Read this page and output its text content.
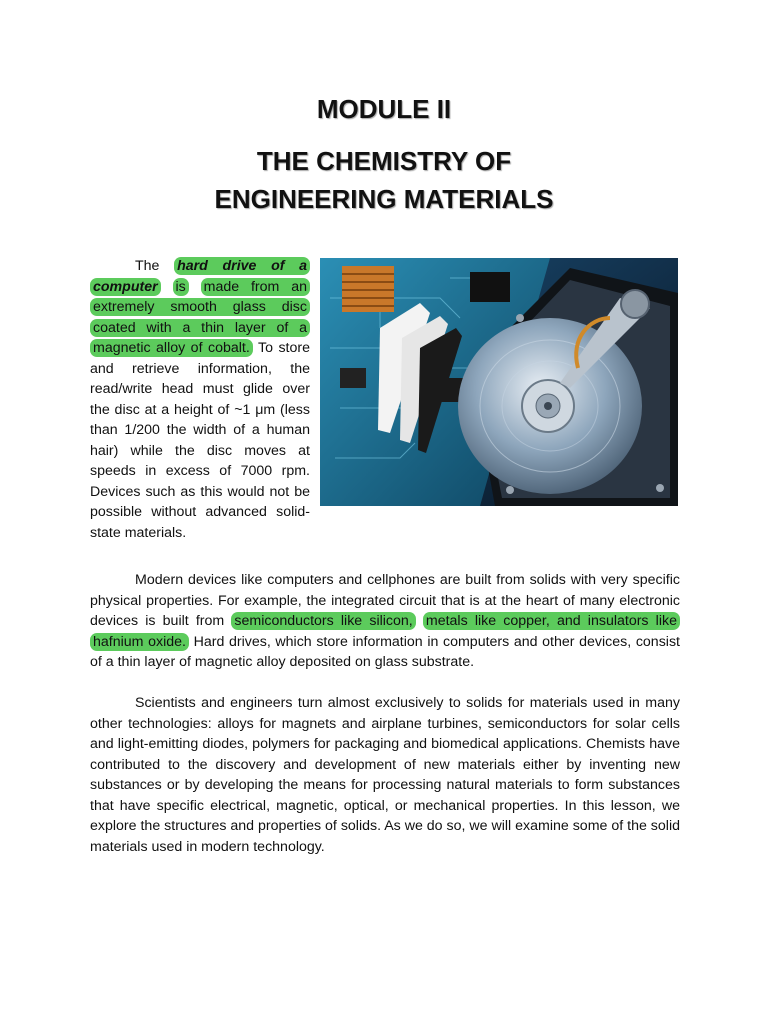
MODULE II
THE CHEMISTRY OF
ENGINEERING MATERIALS

The hard drive of a computer is made from an extremely smooth glass disc coated with a thin layer of a magnetic alloy of cobalt. To store and retrieve information, the read/write head must glide over the disc at a height of ~1 μm (less than 1/200 the width of a human hair) while the disc moves at speeds in excess of 7000 rpm. Devices such as this would not be possible without advanced solid-state materials.

Modern devices like computers and cellphones are built from solids with very specific physical properties. For example, the integrated circuit that is at the heart of many electronic devices is built from semiconductors like silicon, metals like copper, and insulators like hafnium oxide. Hard drives, which store information in computers and other devices, consist of a thin layer of magnetic alloy deposited on glass substrate.

Scientists and engineers turn almost exclusively to solids for materials used in many other technologies: alloys for magnets and airplane turbines, semiconductors for solar cells and light-emitting diodes, polymers for packaging and biomedical applications. Chemists have contributed to the discovery and development of new materials either by inventing new substances or by developing the means for processing natural materials to form substances that have specific electrical, magnetic, optical, or mechanical properties. In this lesson, we explore the structures and properties of solids. As we do so, we will examine some of the solid materials used in modern technology.
